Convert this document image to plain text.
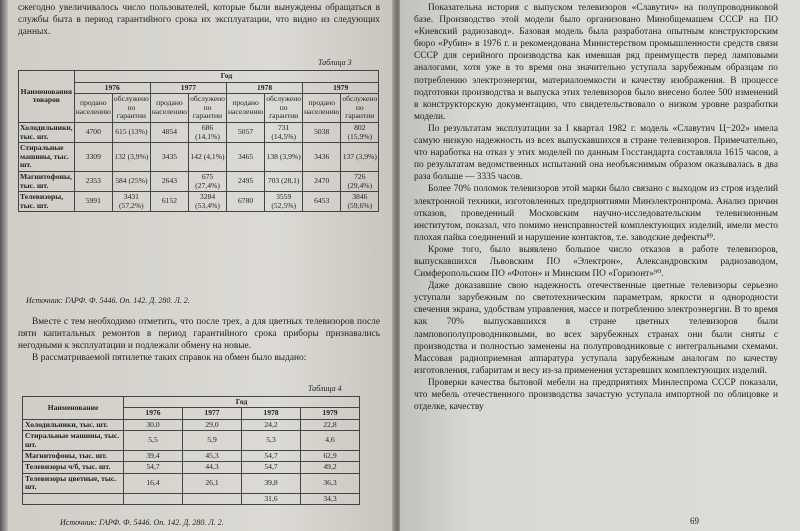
сжегодно увеличивалось число пользователей, которые были вынуждены обращаться в службы быта в период гарантийного срока их эксплуатации, что видно из следующих данных.

Таблица 3
Наименования товаров	Год							
	1976		1977		1978		1979	
	продано населению	обслужено по гарантии	продано населению	обслужено по гарантии	продано населению	обслужено по гарантии	продано населению	обслужено по гарантии
Холодильники, тыс. шт.	4700	615 (13%)	4854	686 (14,1%)	5057	731 (14,5%)	5038	802 (15,9%)
Стиральные машины, тыс. шт.	3309	132 (3,9%)	3435	142 (4,1%)	3465	138 (3,9%)	3436	137 (3,9%)
Магнитофоны, тыс. шт.	2353	584 (25%)	2643	675 (27,4%)	2495	703 (28,1)	2470	726 (29,4%)
Телевизоры, тыс. шт.	5991	3431 (57,2%)	6152	3284 (53,4%)	6780	3559 (52,5%)	6453	3846 (59,6%)
Источник: ГАРФ. Ф. 5446. Оп. 142. Д. 280. Л. 2.

Вместе с тем необходимо отметить, что после трех, а для цветных телевизоров после пяти капитальных ремонтов в период гарантийного срока приборы признавались негодными к эксплуатации и подлежали обмену на новые.

В рассматриваемой пятилетке таких справок на обмен было выдано:

Таблица 4
Наименование	Год			
	1976	1977	1978	1979
Холодильники, тыс. шт.	30,0	29,0	24,2	22,8
Стиральные машины, тыс. шт.	5,5	5,9	5,3	4,6
Магнитофоны, тыс. шт.	39,4	45,3	54,7	62,9
Телевизоры ч/б, тыс. шт.	54,7	44,3	54,7	49,2
Телевизоры цветные, тыс. шт.	16,4	26,1	39,8	36,3
			31,6	34,3
Источник: ГАРФ. Ф. 5446. Оп. 142. Д. 280. Л. 2.

Показательна история с выпуском телевизоров «Славутич» на полупроводниковой базе. Производство этой модели было организовано Минобщемашем СССР на ПО «Киевский радиозавод». Базовая модель была разработана опытным конструкторским бюро «Рубин» в 1976 г. и рекомендована Министерством промышленности средств связи СССР для серийного производства как имевшая ряд преимуществ перед ламповыми аналогами, хотя уже в то время она значительно уступала зарубежным образцам по потреблению электроэнергии, материалоемкости и качеству изображения. В процессе подготовки производства и выпуска этих телевизоров было внесено более 500 изменений в конструкторскую документацию, что свидетельствовало о низком уровне разработки модели.

По результатам эксплуатации за I квартал 1982 г. модель «Славутич Ц−202» имела самую низкую надежность из всех выпускавшихся в стране телевизоров. Примечательно, что наработка на отказ у этих моделей по данным Госстандарта составляла 1615 часов, а по результатам ведомственных испытаний она необъяснимым образом оказывалась в два раза больше — 3335 часов.

Более 70% поломок телевизоров этой марки было связано с выходом из строя изделий электронной техники, изготовленных предприятиями Минэлектронпрома. Анализ причин отказов, проведенный Московским научно-исследовательским телевизионным институтом, показал, что помимо неисправностей комплектующих изделий, имели место плохая пайка соединений и нарушение контактов, т.е. заводские дефекты⁸⁹.

Кроме того, было выявлено большое число отказов в работе телевизоров, выпускавшихся Львовским ПО «Электрон», Александровским радиозаводом, Симферопольским ПО «Фотон» и Минским ПО «Горизонт»⁹⁰.

Даже доказавшие свою надежность отечественные цветные телевизоры серьезно уступали зарубежным по светотехническим параметрам, яркости и однородности свечения экрана, удобствам управления, массе и потреблению электроэнергии. В то время как 70% выпускавшихся в стране цветных телевизоров были ламповополупроводниковыми, во всех зарубежных странах они были сняты с производства и полностью заменены на полупроводниковые с интегральными схемами. Массовая радиоприемная аппаратура уступала зарубежным аналогам по качеству изготовления, габаритам и весу из-за применения устаревших комплектующих изделий.

Проверки качества бытовой мебели на предприятиях Минлеспрома СССР показали, что мебель отечественного производства зачастую уступала импортной по облицовке и отделке, качеству

69
